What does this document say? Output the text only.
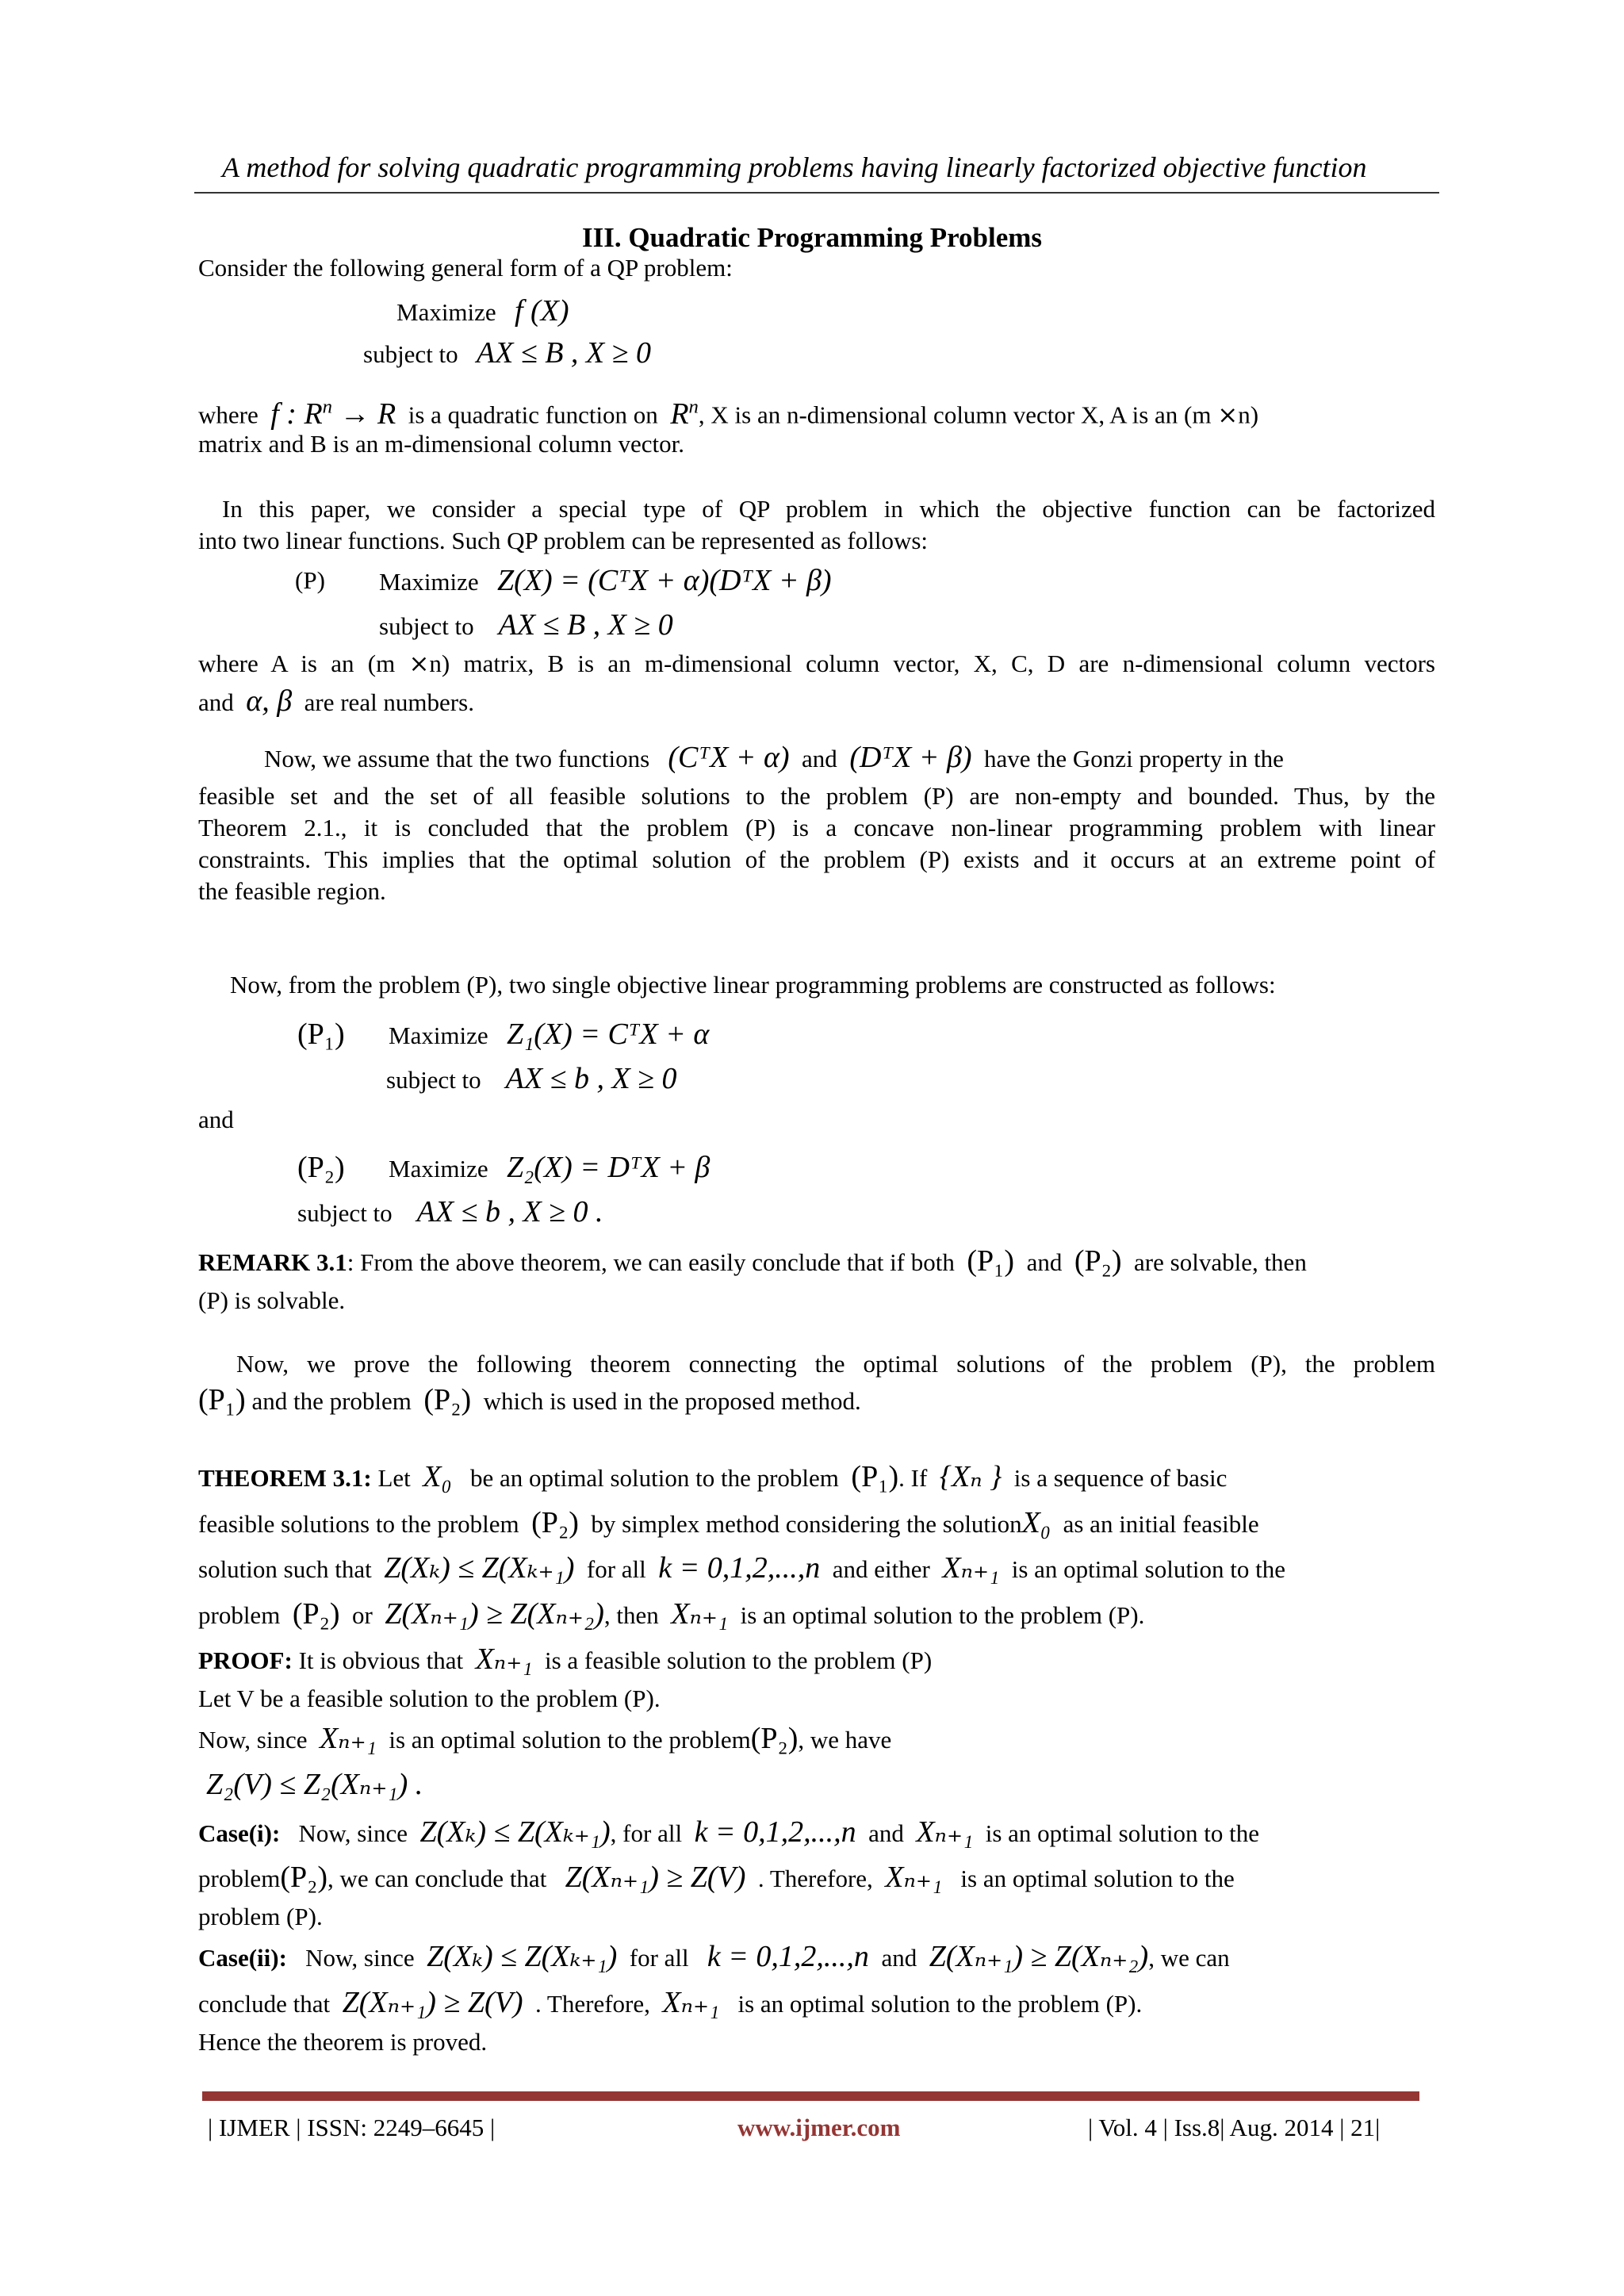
A method for solving quadratic programming problems having linearly factorized objective function
III. Quadratic Programming Problems
Consider the following general form of a QP problem:
Maximize f (X)
subject to AX ≤ B , X ≥ 0
where f : $R^n \to R$ is a quadratic function on $R^n$, X is an n-dimensional column vector X, A is an (m ⨯n)
matrix and B is an m-dimensional column vector.
In this paper, we consider a special type of QP problem in which the objective function can be factorized
into two linear functions. Such QP problem can be represented as follows:
(P) Maximize Z(X) = (CᵀX + α)(DᵀX + β)
subject to AX ≤ B , X ≥ 0
where A is an (m ⨯n) matrix, B is an m-dimensional column vector, X, C, D are n-dimensional column vectors
and α, β are real numbers.
Now, we assume that the two functions (CᵀX + α) and (DᵀX + β) have the Gonzi property in the
feasible set and the set of all feasible solutions to the problem (P) are non-empty and bounded. Thus, by the
Theorem 2.1., it is concluded that the problem (P) is a concave non-linear programming problem with linear
constraints. This implies that the optimal solution of the problem (P) exists and it occurs at an extreme point of
the feasible region.
Now, from the problem (P), two single objective linear programming problems are constructed as follows:
(P₁) Maximize Z₁(X) = CᵀX + α
subject to AX ≤ b , X ≥ 0
and
(P₂) Maximize Z₂(X) = DᵀX + β
subject to AX ≤ b , X ≥ 0 .
REMARK 3.1: From the above theorem, we can easily conclude that if both (P₁) and (P₂) are solvable, then
(P) is solvable.
Now, we prove the following theorem connecting the optimal solutions of the problem (P), the problem
(P₁) and the problem (P₂) which is used in the proposed method.
THEOREM 3.1: Let X₀ be an optimal solution to the problem (P₁). If {Xₙ } is a sequence of basic
feasible solutions to the problem (P₂) by simplex method considering the solutionX₀ as an initial feasible
solution such that Z(Xₖ) ≤ Z(Xₖ₊₁) for all k = 0,1,2,...,n and either Xₙ₊₁ is an optimal solution to the
problem (P₂) or Z(Xₙ₊₁) ≥ Z(Xₙ₊₂), then Xₙ₊₁ is an optimal solution to the problem (P).
PROOF: It is obvious that Xₙ₊₁ is a feasible solution to the problem (P)
Let V be a feasible solution to the problem (P).
Now, since Xₙ₊₁ is an optimal solution to the problem(P₂), we have
Z₂(V) ≤ Z₂(Xₙ₊₁) .
Case(i): Now, since Z(Xₖ) ≤ Z(Xₖ₊₁), for all k = 0,1,2,...,n and Xₙ₊₁ is an optimal solution to the
problem(P₂), we can conclude that Z(Xₙ₊₁) ≥ Z(V) . Therefore, Xₙ₊₁ is an optimal solution to the
problem (P).
Case(ii): Now, since Z(Xₖ) ≤ Z(Xₖ₊₁) for all k = 0,1,2,...,n and Z(Xₙ₊₁) ≥ Z(Xₙ₊₂), we can
conclude that Z(Xₙ₊₁) ≥ Z(V) . Therefore, Xₙ₊₁ is an optimal solution to the problem (P).
Hence the theorem is proved.
| IJMER | ISSN: 2249–6645 |	www.ijmer.com	| Vol. 4 | Iss.8| Aug. 2014 | 21|
